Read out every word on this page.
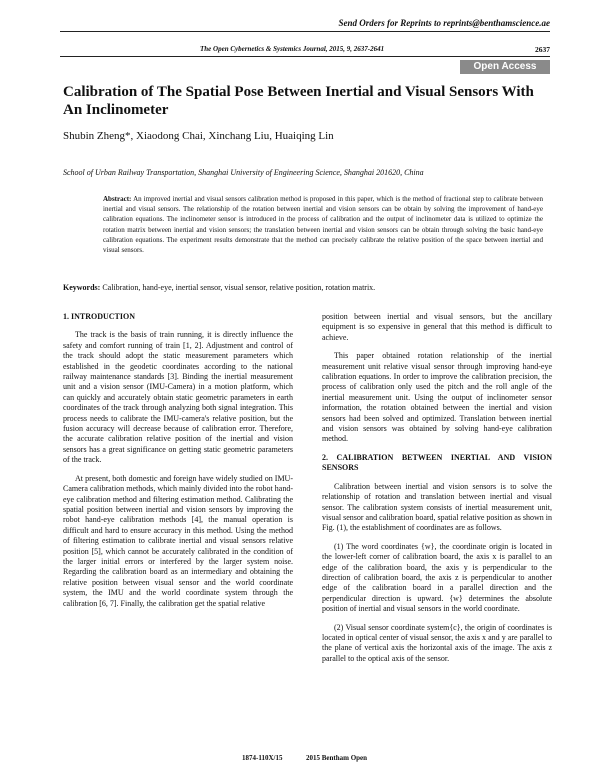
Send Orders for Reprints to reprints@benthamscience.ae
The Open Cybernetics & Systemics Journal, 2015, 9, 2637-2641	2637
Open Access
Calibration of The Spatial Pose Between Inertial and Visual Sensors With An Inclinometer
Shubin Zheng*, Xiaodong Chai, Xinchang Liu, Huaiqing Lin
School of Urban Railway Transportation, Shanghai University of Engineering Science, Shanghai 201620, China
Abstract: An improved inertial and visual sensors calibration method is proposed in this paper, which is the method of fractional step to calibrate between inertial and visual sensors. The relationship of the rotation between inertial and vision sensors can be obtain by solving the improvement of hand-eye calibration equations. The inclinometer sensor is introduced in the process of calibration and the output of inclinometer data is utilized to optimize the rotation matrix between inertial and vision sensors; the translation between inertial and vision sensors can be obtain through solving the basic hand-eye calibration equations. The experiment results demonstrate that the method can precisely calibrate the relative position of the space between inertial and visual sensors.
Keywords: Calibration, hand-eye, inertial sensor, visual sensor, relative position, rotation matrix.

1. INTRODUCTION

The track is the basis of train running, it is directly influence the safety and comfort running of train [1, 2]. Adjustment and control of the track should adopt the static measurement parameters which established in the geodetic coordinates according to the national railway maintenance standards [3]. Binding the inertial measurement unit and a vision sensor (IMU-Camera) in a motion platform, which can quickly and accurately obtain static geometric parameters in earth coordinates of the track through analyzing both signal integration. This process needs to calibrate the IMU-camera's relative position, but the fusion accuracy will decrease because of calibration error. Therefore, the accurate calibration relative position of the inertial and vision sensors has a great significance on getting static geometric parameters of the track.

At present, both domestic and foreign have widely studied on IMU-Camera calibration methods, which mainly divided into the robot hand-eye calibration method and filtering estimation method. Calibrating the spatial position between inertial and vision sensors by improving the robot hand-eye calibration methods [4], the manual operation is difficult and hard to ensure accuracy in this method. Using the method of filtering estimation to calibrate inertial and visual sensors relative position [5], which cannot be accurately calibrated in the condition of the larger initial errors or interfered by the larger system noise. Regarding the calibration board as an intermediary and obtaining the relative position between visual sensor and the world coordinate system, the IMU and the world coordinate system through the calibration [6, 7]. Finally, the calibration get the spatial relative

position between inertial and visual sensors, but the ancillary equipment is so expensive in general that this method is difficult to achieve.

This paper obtained rotation relationship of the inertial measurement unit relative visual sensor through improving hand-eye calibration equations. In order to improve the calibration precision, the process of calibration only used the pitch and the roll angle of the inertial measurement unit. Using the output of inclinometer sensor information, the rotation obtained between the inertial and vision sensors had been solved and optimized. Translation between inertial and vision sensors was obtained by solving hand-eye calibration method.

2. CALIBRATION BETWEEN INERTIAL AND VISION SENSORS

Calibration between inertial and vision sensors is to solve the relationship of rotation and translation between inertial and visual sensor. The calibration system consists of inertial measurement unit, visual sensor and calibration board, spatial relative position as shown in Fig. (1), the establishment of coordinates are as follows.

(1) The word coordinates {w}, the coordinate origin is located in the lower-left corner of calibration board, the axis x is parallel to an edge of the calibration board, the axis y is perpendicular to the direction of calibration board, the axis z is perpendicular to another edge of the calibration board in a parallel direction and the perpendicular direction is upward. {w} determines the absolute position of inertial and visual sensors in the world coordinate.

(2) Visual sensor coordinate system{c}, the origin of coordinates is located in optical center of visual sensor, the axis x and y are parallel to the plane of vertical axis the horizontal axis of the image. The axis z parallel to the optical axis of the sensor.

1874-110X/15	2015 Bentham Open
